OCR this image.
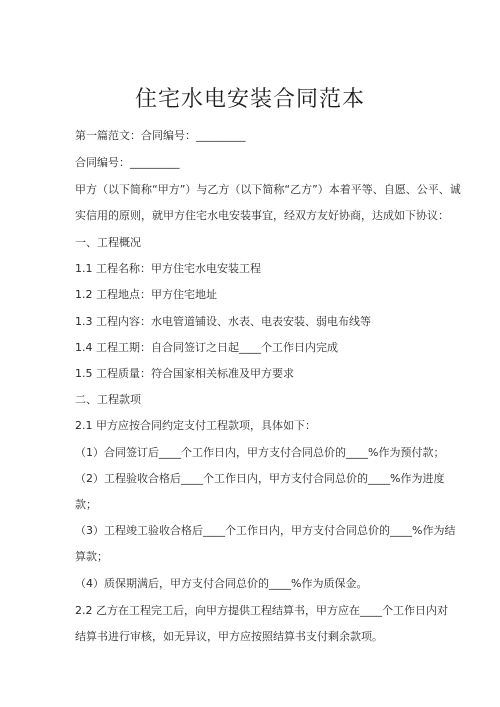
住宅水电安装合同范本
第一篇范文：合同编号：_________
合同编号：_________
甲方（以下简称“甲方”）与乙方（以下简称“乙方”）本着平等、自愿、公平、诚
实信用的原则，就甲方住宅水电安装事宜，经双方友好协商，达成如下协议：
一、工程概况
1.1 工程名称：甲方住宅水电安装工程
1.2 工程地点：甲方住宅地址
1.3 工程内容：水电管道铺设、水表、电表安装、弱电布线等
1.4 工程工期：自合同签订之日起____个工作日内完成
1.5 工程质量：符合国家相关标准及甲方要求
二、工程款项
2.1 甲方应按合同约定支付工程款项，具体如下：
（1）合同签订后____个工作日内，甲方支付合同总价的____%作为预付款；
（2）工程验收合格后____个工作日内，甲方支付合同总价的____%作为进度
款；
（3）工程竣工验收合格后____个工作日内，甲方支付合同总价的____%作为结
算款；
（4）质保期满后，甲方支付合同总价的____%作为质保金。
2.2 乙方在工程完工后，向甲方提供工程结算书，甲方应在____个工作日内对
结算书进行审核，如无异议，甲方应按照结算书支付剩余款项。
